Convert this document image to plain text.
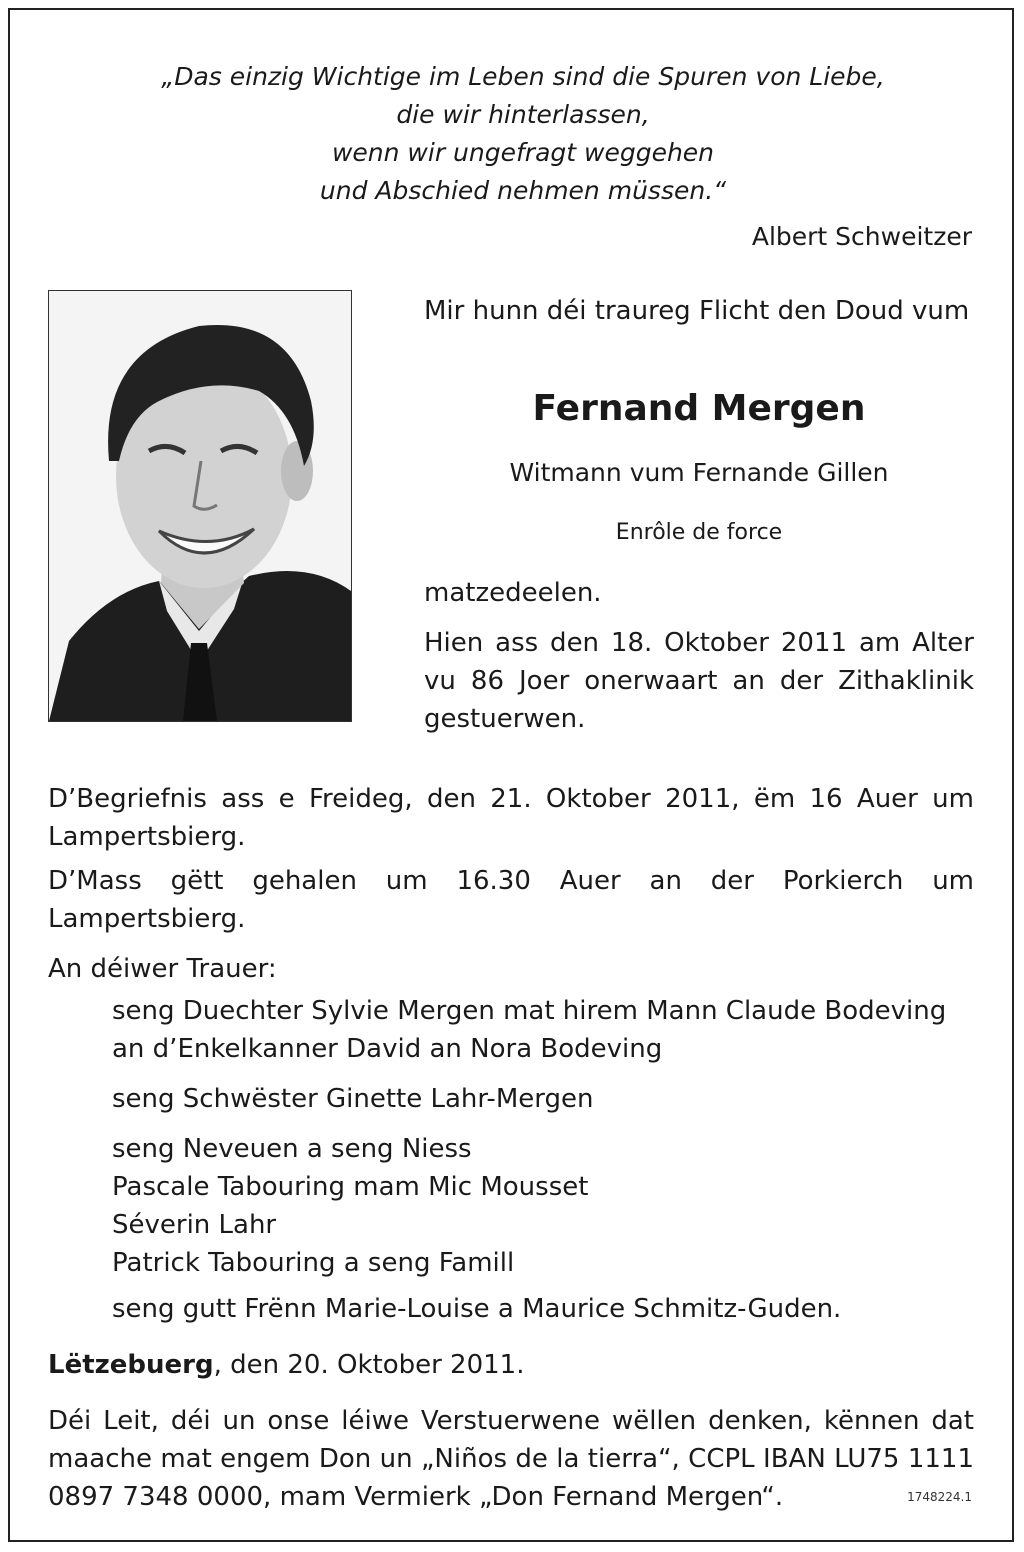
„Das einzig Wichtige im Leben sind die Spuren von Liebe,
die wir hinterlassen,
wenn wir ungefragt weggehen
und Abschied nehmen müssen.“
Albert Schweitzer
Mir hunn déi traureg Flicht den Doud vum
Fernand Mergen
Witmann vum Fernande Gillen
Enrôle de force
matzedeelen.
Hien ass den 18. Oktober 2011 am Alter vu 86 Joer onerwaart an der Zithaklinik gestuerwen.
D’Begriefnis ass e Freideg, den 21. Oktober 2011, ëm 16 Auer um Lampertsbierg.
D’Mass gëtt gehalen um 16.30 Auer an der Porkierch um Lampertsbierg.
An déiwer Trauer:
seng Duechter Sylvie Mergen mat hirem Mann Claude Bodeving
an d’Enkelkanner David an Nora Bodeving
seng Schwëster Ginette Lahr-Mergen
seng Neveuen a seng Niess
Pascale Tabouring mam Mic Mousset
Séverin Lahr
Patrick Tabouring a seng Famill
seng gutt Frënn Marie-Louise a Maurice Schmitz-Guden.
Lëtzebuerg, den 20. Oktober 2011.
Déi Leit, déi un onse léiwe Verstuerwene wëllen denken, kënnen dat maache mat engem Don un „Niños de la tierra“, CCPL IBAN LU75 1111 0897 7348 0000, mam Vermierk „Don Fernand Mergen“.	1748224.1
